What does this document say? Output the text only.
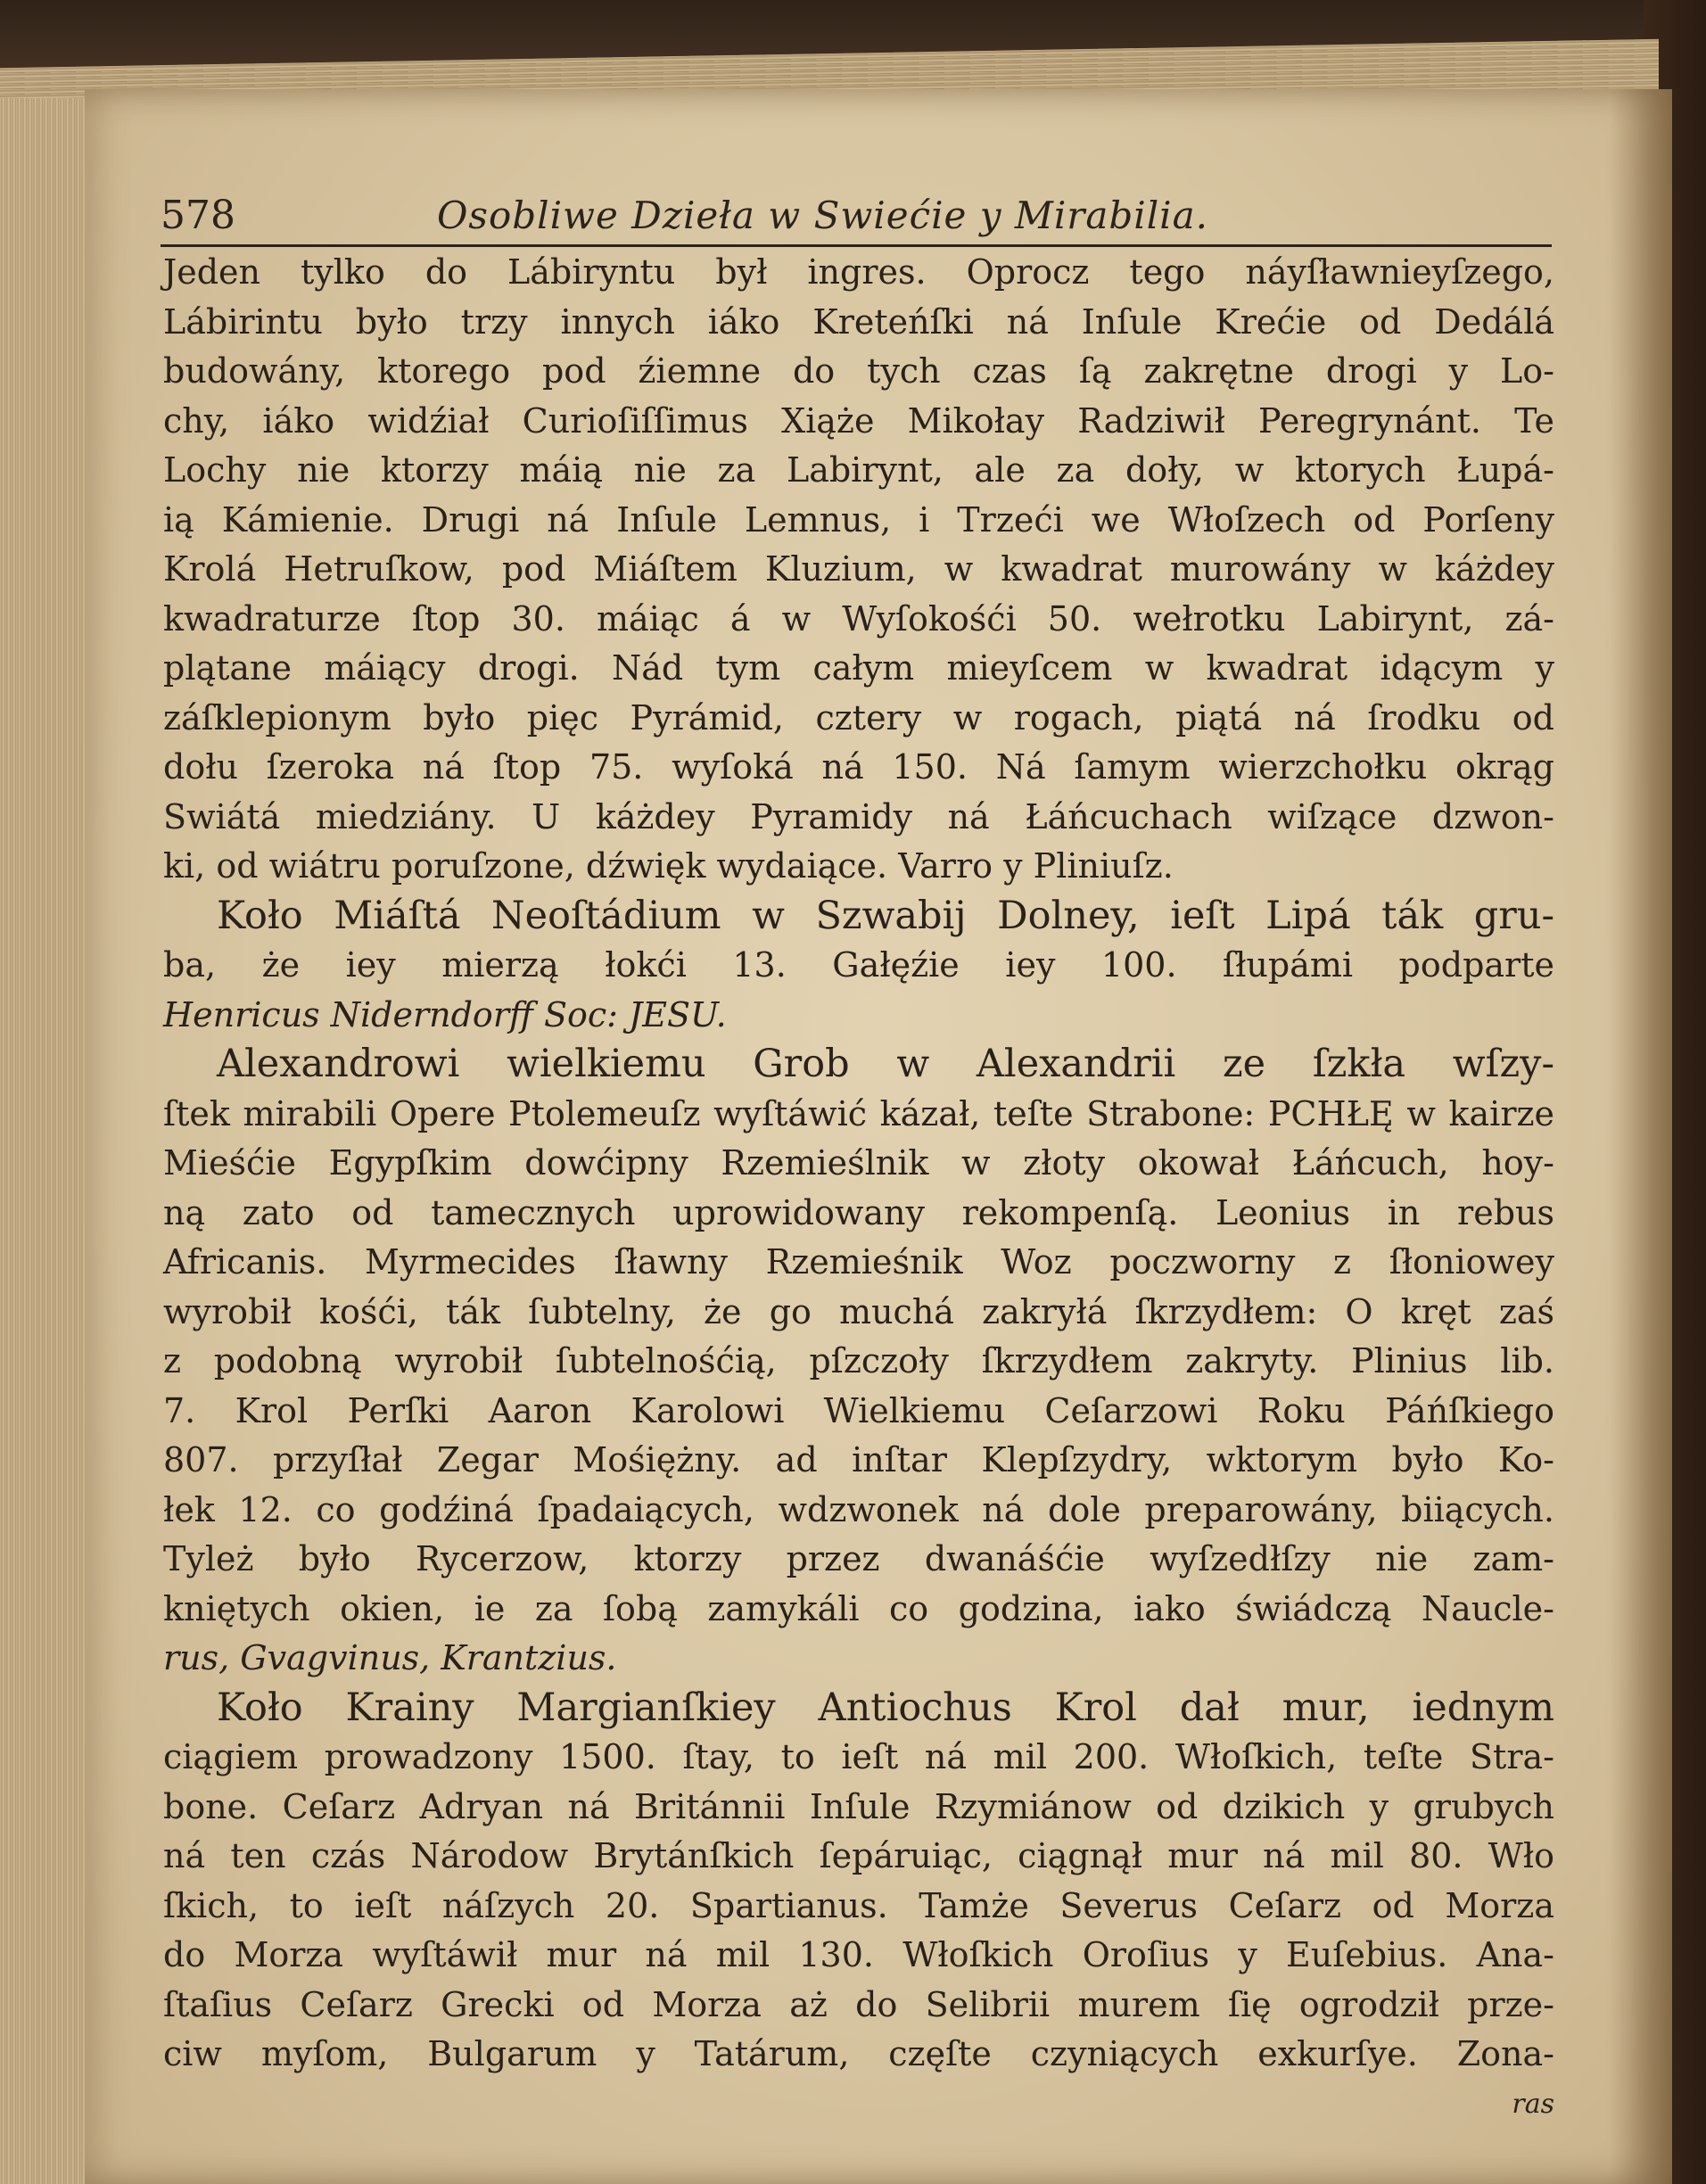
578	Osobliwe Dzieła w Swiećie y Mirabilia.
Jeden tylko do Lábiryntu był ingres. Oprocz tego náyſławnieyſzego,
Lábirintu było trzy innych iáko Kreteńſki ná Inſule Krećie od Dedálá
budowány, ktorego pod źiemne do tych czas ſą zakrętne drogi y Lo-
chy, iáko widźiał Curioſiſſimus Xiąże Mikołay Radziwił Peregrynánt. Te
Lochy nie ktorzy máią nie za Labirynt, ale za doły, w ktorych Łupá-
ią Kámienie. Drugi ná Inſule Lemnus, i Trzeći we Włoſzech od Porſeny
Krolá Hetruſkow, pod Miáſtem Kluzium, w kwadrat murowány w káżdey
kwadraturze ſtop 30. máiąc á w Wyſokośći 50. wełrotku Labirynt, zá-
plątane máiący drogi. Nád tym całym mieyſcem w kwadrat idącym y
záſklepionym było pięc Pyrámid, cztery w rogach, piątá ná ſrodku od
dołu ſzeroka ná ſtop 75. wyſoká ná 150. Ná ſamym wierzchołku okrąg
Swiátá miedziány. U káżdey Pyramidy ná Łáńcuchach wiſzące dzwon-
ki, od wiátru poruſzone, dźwięk wydaiące. Varro y Pliniuſz.
Koło Miáſtá Neoſtádium w Szwabij Dolney, ieſt Lipá ták gru-
ba, że iey mierzą łokći 13. Gałęźie iey 100. ſłupámi podparte
Henricus Niderndorff Soc: JESU.
Alexandrowi wielkiemu Grob w Alexandrii ze ſzkła wſzy-
ſtek mirabili Opere Ptolemeuſz wyſtáwić kázał, teſte Strabone: PCHŁĘ w kairze
Mieśćie Egypſkim dowćipny Rzemieślnik w złoty okował Łáńcuch, hoy-
ną zato od tamecznych uprowidowany rekompenſą. Leonius in rebus
Africanis. Myrmecides ſławny Rzemieśnik Woz poczworny z ſłoniowey
wyrobił kośći, ták ſubtelny, że go muchá zakryłá ſkrzydłem: O kręt zaś
z podobną wyrobił ſubtelnośćią, pſzczoły ſkrzydłem zakryty. Plinius lib.
7. Krol Perſki Aaron Karolowi Wielkiemu Ceſarzowi Roku Páńſkiego
807. przyſłał Zegar Mośiężny. ad inſtar Klepſzydry, wktorym było Ko-
łek 12. co godźiná ſpadaiących, wdzwonek ná dole preparowány, biiących.
Tyleż było Rycerzow, ktorzy przez dwanáśćie wyſzedłſzy nie zam-
kniętych okien, ie za ſobą zamykáli co godzina, iako świádczą Naucle-
rus, Gvagvinus, Krantzius.
Koło Krainy Margianſkiey Antiochus Krol dał mur, iednym
ciągiem prowadzony 1500. ſtay, to ieſt ná mil 200. Włoſkich, teſte Stra-
bone. Ceſarz Adryan ná Británnii Inſule Rzymiánow od dzikich y grubych
ná ten czás Národow Brytánſkich ſepáruiąc, ciągnął mur ná mil 80. Wło
ſkich, to ieſt náſzych 20. Spartianus. Tamże Severus Ceſarz od Morza
do Morza wyſtáwił mur ná mil 130. Włoſkich Oroſius y Euſebius. Ana-
ſtaſius Ceſarz Grecki od Morza aż do Selibrii murem ſię ogrodził prze-
ciw myſom, Bulgarum y Tatárum, częſte czyniących exkurſye. Zona-
ras
